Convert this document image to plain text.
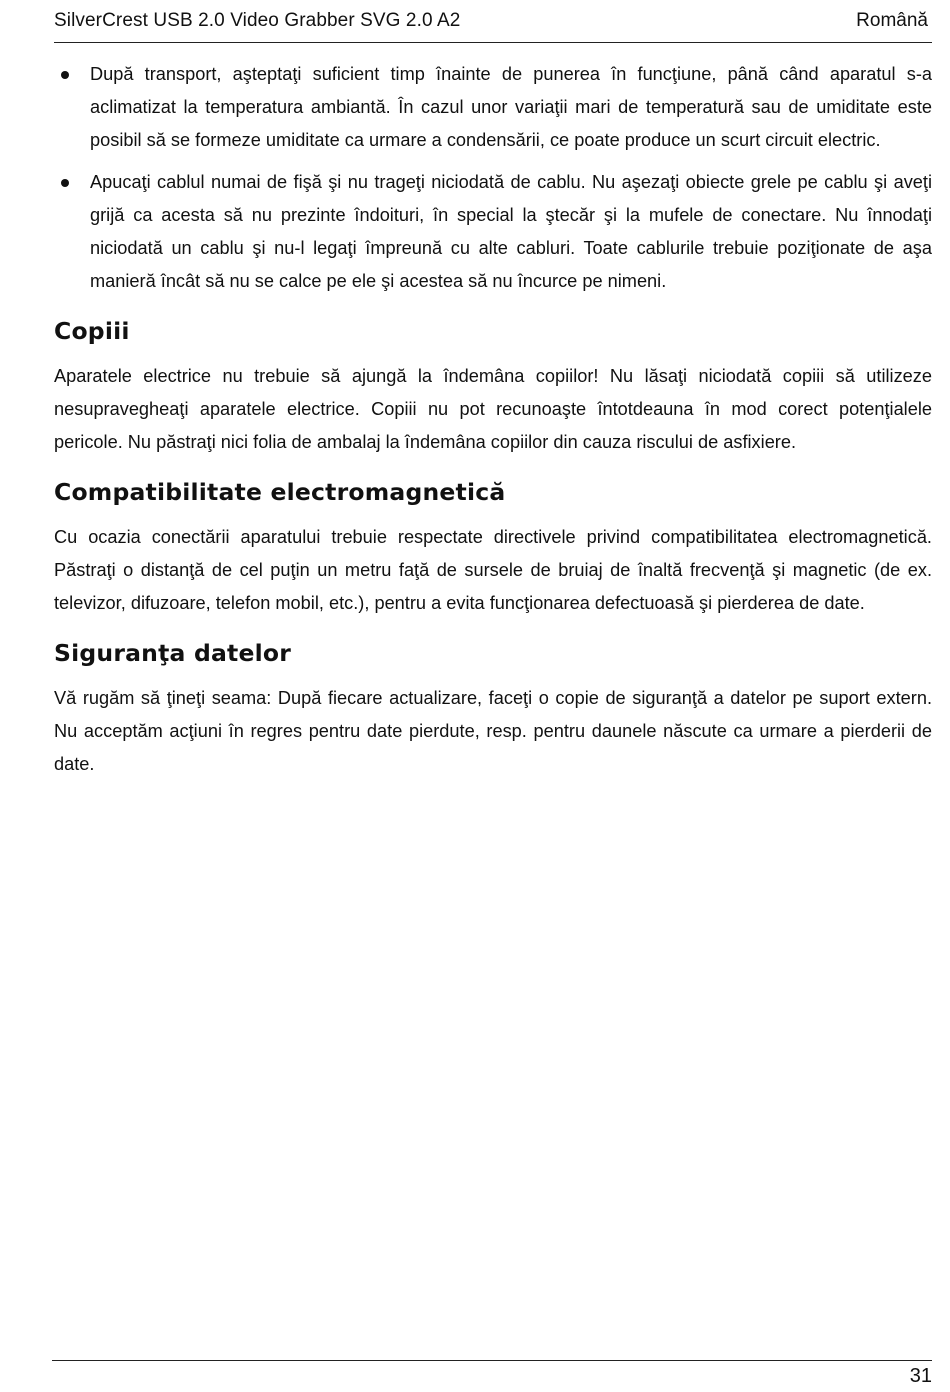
SilverCrest USB 2.0 Video Grabber SVG 2.0 A2	Română
După transport, aşteptaţi suficient timp înainte de punerea în funcţiune, până când aparatul s-a aclimatizat la temperatura ambiantă. În cazul unor variaţii mari de temperatură sau de umiditate este posibil să se formeze umiditate ca urmare a condensării, ce poate produce un scurt circuit electric.
Apucaţi cablul numai de fişă şi nu trageţi niciodată de cablu. Nu aşezaţi obiecte grele pe cablu şi aveţi grijă ca acesta să nu prezinte îndoituri, în special la ştecăr şi la mufele de conectare. Nu înnodaţi niciodată un cablu şi nu-l legaţi împreună cu alte cabluri. Toate cablurile trebuie poziţionate de aşa manieră încât să nu se calce pe ele şi acestea să nu încurce pe nimeni.
Copiii

Aparatele electrice nu trebuie să ajungă la îndemâna copiilor! Nu lăsaţi niciodată copiii să utilizeze nesupravegheaţi aparatele electrice. Copiii nu pot recunoaşte întotdeauna în mod corect potenţialele pericole. Nu păstraţi nici folia de ambalaj la îndemâna copiilor din cauza riscului de asfixiere.

Compatibilitate electromagnetică

Cu ocazia conectării aparatului trebuie respectate directivele privind compatibilitatea electromagnetică. Păstraţi o distanţă de cel puţin un metru faţă de sursele de bruiaj de înaltă frecvenţă şi magnetic (de ex. televizor, difuzoare, telefon mobil, etc.), pentru a evita funcţionarea defectuoasă şi pierderea de date.

Siguranţa datelor

Vă rugăm să ţineţi seama: După fiecare actualizare, faceţi o copie de siguranţă a datelor pe suport extern. Nu acceptăm acţiuni în regres pentru date pierdute, resp. pentru daunele născute ca urmare a pierderii de date.

31
